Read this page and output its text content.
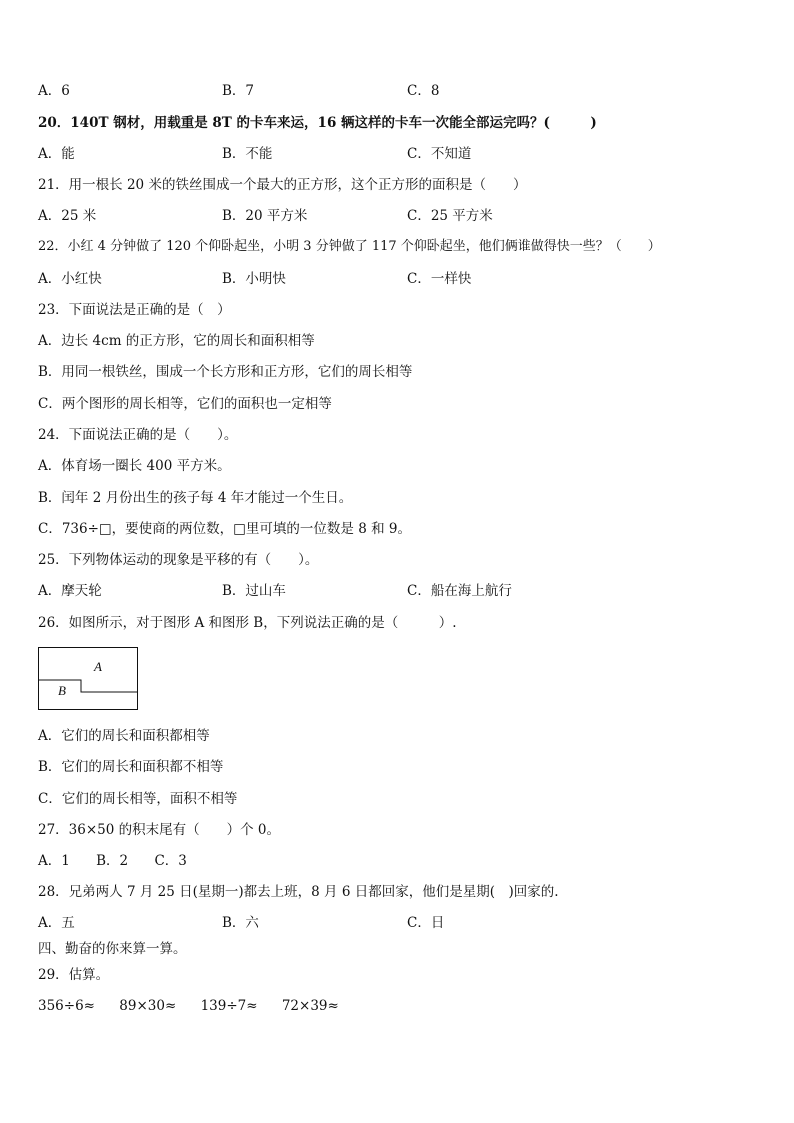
A．6	B．7	C．8
20．140T 钢材，用载重是 8T 的卡车来运，16 辆这样的卡车一次能全部运完吗？(　　　)
A．能	B．不能	C．不知道
21．用一根长 20 米的铁丝围成一个最大的正方形，这个正方形的面积是（　　）
A．25 米	B．20 平方米	C．25 平方米
22．小红 4 分钟做了 120 个仰卧起坐，小明 3 分钟做了 117 个仰卧起坐，他们俩谁做得快一些？（　　）
A．小红快	B．小明快	C．一样快
23．下面说法是正确的是（　）
A．边长 4cm 的正方形，它的周长和面积相等
B．用同一根铁丝，围成一个长方形和正方形，它们的周长相等
C．两个图形的周长相等，它们的面积也一定相等
24．下面说法正确的是（　　）。
A．体育场一圈长 400 平方米。
B．闰年 2 月份出生的孩子每 4 年才能过一个生日。
C．736÷□，要使商的两位数，□里可填的一位数是 8 和 9。
25．下列物体运动的现象是平移的有（　　）。
A．摩天轮	B．过山车	C．船在海上航行
26．如图所示，对于图形 A 和图形 B，下列说法正确的是（　　　）.
A
B
A．它们的周长和面积都相等
B．它们的周长和面积都不相等
C．它们的周长相等，面积不相等
27．36×50 的积末尾有（　　）个 0。
A．1 B．2 C．3
28．兄弟两人 7 月 25 日(星期一)都去上班，8 月 6 日都回家，他们是星期(　)回家的.
A．五	B．六	C．日
四、勤奋的你来算一算。
29．估算。
356÷6≈ 89×30≈ 139÷7≈ 72×39≈
